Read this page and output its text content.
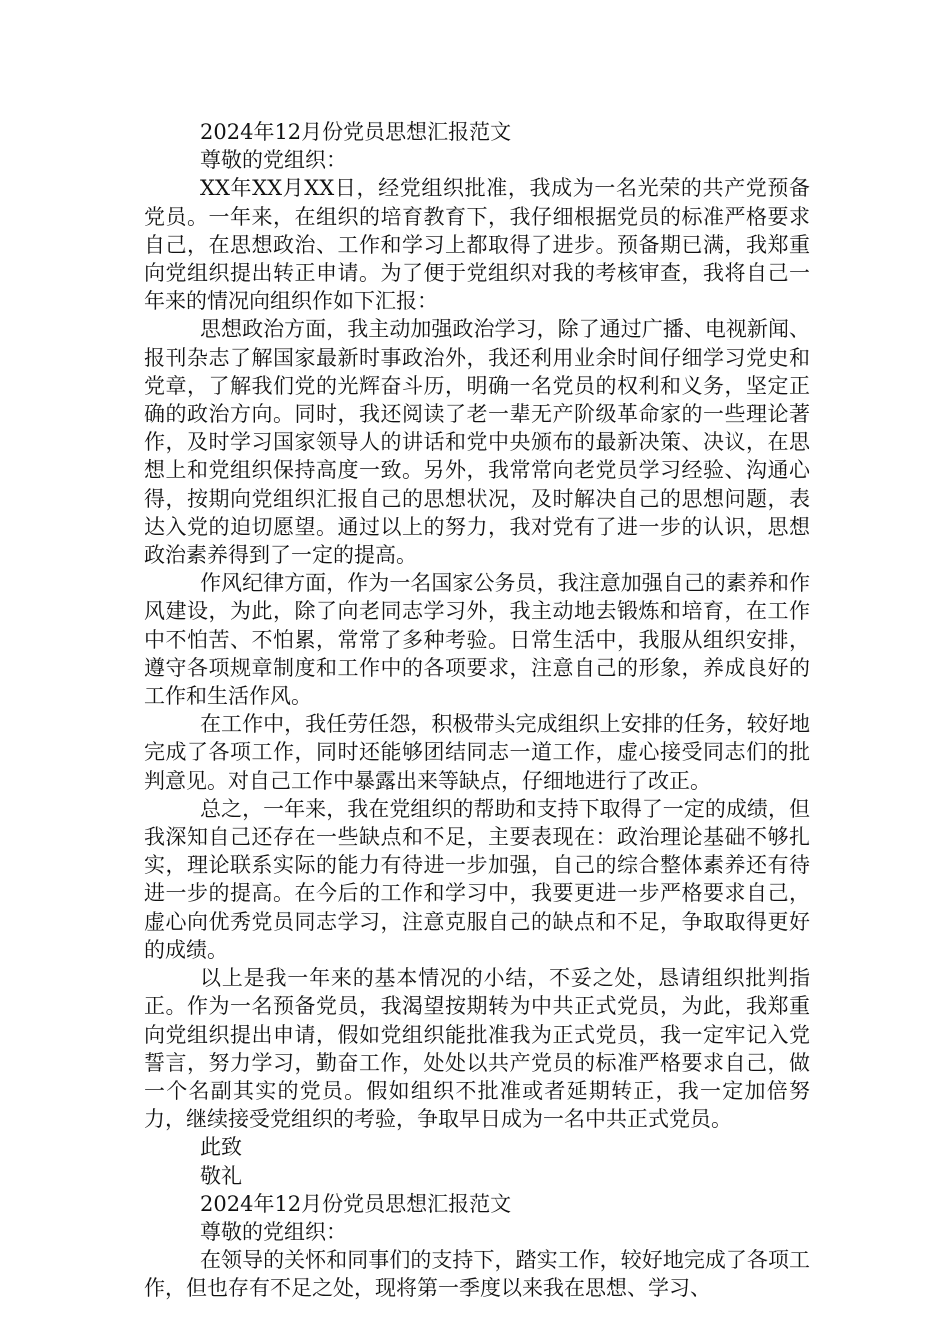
2024年12月份党员思想汇报范文

尊敬的党组织：

XX年XX月XX日，经党组织批准，我成为一名光荣的共产党预备党员。一年来，在组织的培育教育下，我仔细根据党员的标准严格要求自己，在思想政治、工作和学习上都取得了进步。预备期已满，我郑重向党组织提出转正申请。为了便于党组织对我的考核审查，我将自己一年来的情况向组织作如下汇报：

思想政治方面，我主动加强政治学习，除了通过广播、电视新闻、报刊杂志了解国家最新时事政治外，我还利用业余时间仔细学习党史和党章，了解我们党的光辉奋斗历，明确一名党员的权利和义务，坚定正确的政治方向。同时，我还阅读了老一辈无产阶级革命家的一些理论著作，及时学习国家领导人的讲话和党中央颁布的最新决策、决议，在思想上和党组织保持高度一致。另外，我常常向老党员学习经验、沟通心得，按期向党组织汇报自己的思想状况，及时解决自己的思想问题，表达入党的迫切愿望。通过以上的努力，我对党有了进一步的认识，思想政治素养得到了一定的提高。

作风纪律方面，作为一名国家公务员，我注意加强自己的素养和作风建设，为此，除了向老同志学习外，我主动地去锻炼和培育，在工作中不怕苦、不怕累，常常了多种考验。日常生活中，我服从组织安排，遵守各项规章制度和工作中的各项要求，注意自己的形象，养成良好的工作和生活作风。

在工作中，我任劳任怨，积极带头完成组织上安排的任务，较好地完成了各项工作，同时还能够团结同志一道工作，虚心接受同志们的批判意见。对自己工作中暴露出来等缺点，仔细地进行了改正。

总之，一年来，我在党组织的帮助和支持下取得了一定的成绩，但我深知自己还存在一些缺点和不足，主要表现在：政治理论基础不够扎实，理论联系实际的能力有待进一步加强，自己的综合整体素养还有待进一步的提高。在今后的工作和学习中，我要更进一步严格要求自己，虚心向优秀党员同志学习，注意克服自己的缺点和不足，争取取得更好的成绩。

以上是我一年来的基本情况的小结，不妥之处，恳请组织批判指正。作为一名预备党员，我渴望按期转为中共正式党员，为此，我郑重向党组织提出申请，假如党组织能批准我为正式党员，我一定牢记入党誓言，努力学习，勤奋工作，处处以共产党员的标准严格要求自己，做一个名副其实的党员。假如组织不批准或者延期转正，我一定加倍努力，继续接受党组织的考验，争取早日成为一名中共正式党员。

此致

敬礼

2024年12月份党员思想汇报范文

尊敬的党组织：

在领导的关怀和同事们的支持下，踏实工作，较好地完成了各项工作，但也存有不足之处，现将第一季度以来我在思想、学习、
